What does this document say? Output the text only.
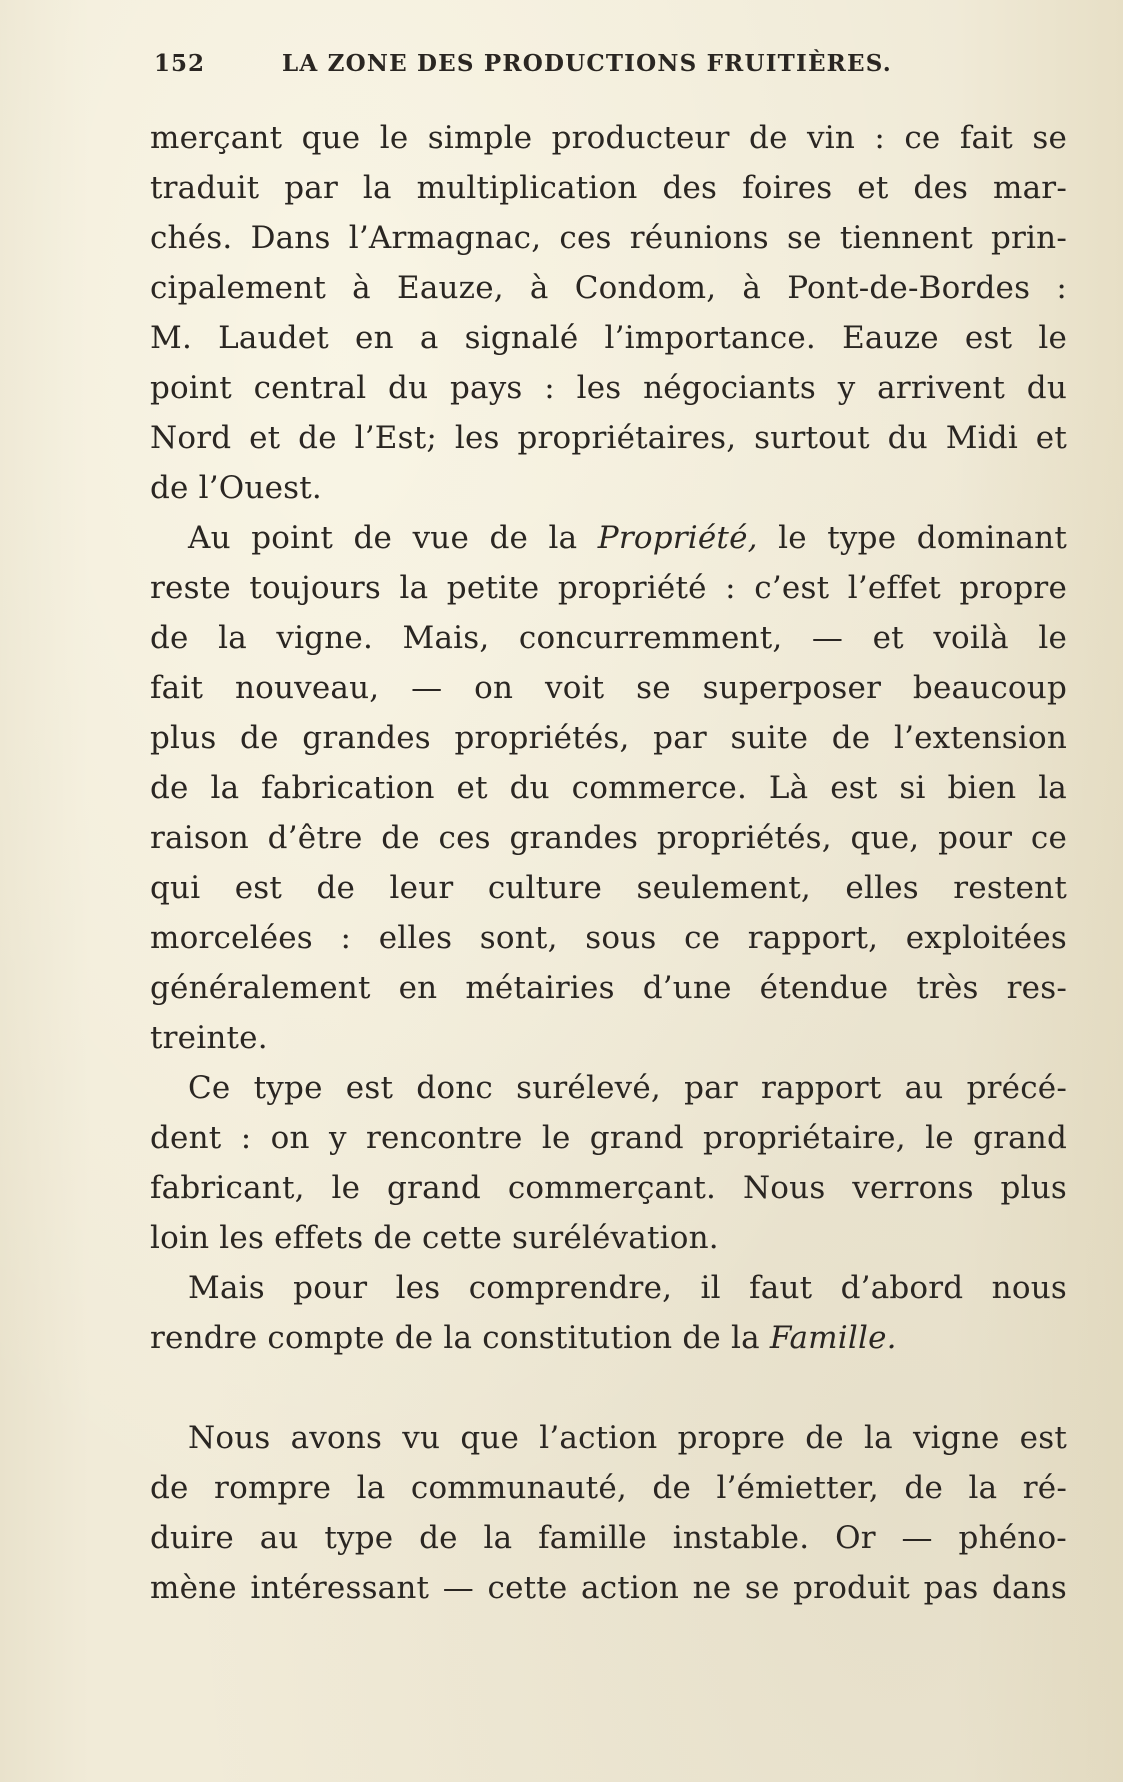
152	LA ZONE DES PRODUCTIONS FRUITIÈRES.
merçant que le simple producteur de vin : ce fait se
traduit par la multiplication des foires et des mar-
chés. Dans l’Armagnac, ces réunions se tiennent prin-
cipalement à Eauze, à Condom, à Pont-de-Bordes :
M. Laudet en a signalé l’importance. Eauze est le
point central du pays : les négociants y arrivent du
Nord et de l’Est; les propriétaires, surtout du Midi et
de l’Ouest.
Au point de vue de la Propriété, le type dominant
reste toujours la petite propriété : c’est l’effet propre
de la vigne. Mais, concurremment, — et voilà le
fait nouveau, — on voit se superposer beaucoup
plus de grandes propriétés, par suite de l’extension
de la fabrication et du commerce. Là est si bien la
raison d’être de ces grandes propriétés, que, pour ce
qui est de leur culture seulement, elles restent
morcelées : elles sont, sous ce rapport, exploitées
généralement en métairies d’une étendue très res-
treinte.
Ce type est donc surélevé, par rapport au précé-
dent : on y rencontre le grand propriétaire, le grand
fabricant, le grand commerçant. Nous verrons plus
loin les effets de cette surélévation.
Mais pour les comprendre, il faut d’abord nous
rendre compte de la constitution de la Famille.
Nous avons vu que l’action propre de la vigne est
de rompre la communauté, de l’émietter, de la ré-
duire au type de la famille instable. Or — phéno-
mène intéressant — cette action ne se produit pas dans
